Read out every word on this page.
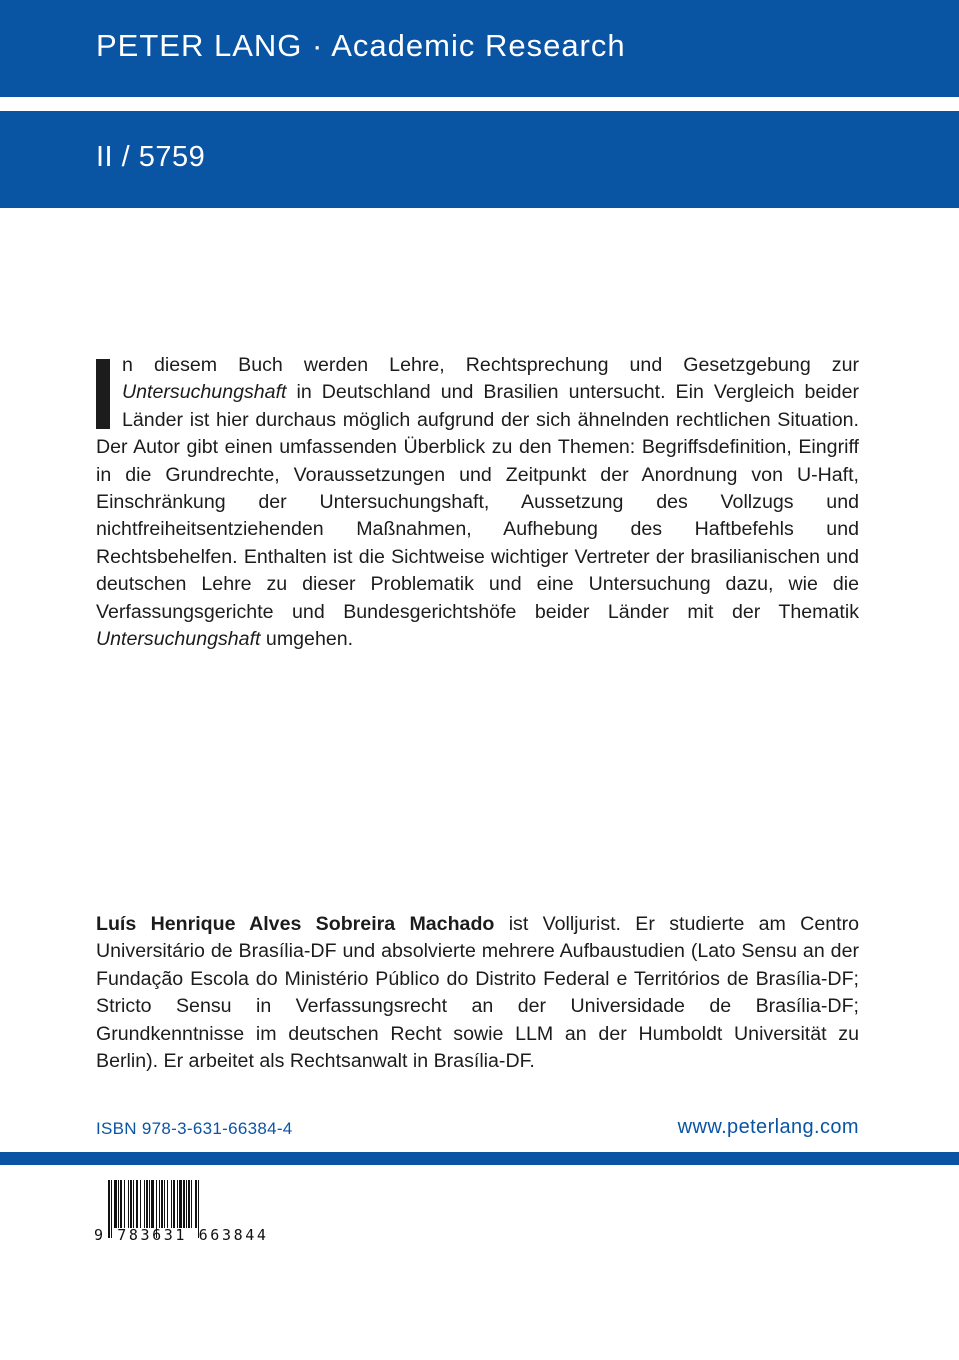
PETER LANG · Academic Research
II / 5759
n diesem Buch werden Lehre, Rechtsprechung und Gesetzgebung zur Untersuchungshaft in Deutschland und Brasilien untersucht. Ein Vergleich beider Länder ist hier durchaus möglich aufgrund der sich ähnelnden rechtlichen Situation. Der Autor gibt einen umfassenden Überblick zu den Themen: Begriffsdefinition, Eingriff in die Grundrechte, Voraussetzungen und Zeitpunkt der Anordnung von U-Haft, Einschränkung der Untersuchungshaft, Aussetzung des Vollzugs und nichtfreiheitsentziehenden Maßnahmen, Aufhebung des Haftbefehls und Rechtsbehelfen. Enthalten ist die Sichtweise wichtiger Vertreter der brasilianischen und deutschen Lehre zu dieser Problematik und eine Untersuchung dazu, wie die Verfassungsgerichte und Bundesgerichtshöfe beider Länder mit der Thematik Untersuchungshaft umgehen.
Luís Henrique Alves Sobreira Machado ist Volljurist. Er studierte am Centro Universitário de Brasília-DF und absolvierte mehrere Aufbaustudien (Lato Sensu an der Fundação Escola do Ministério Público do Distrito Federal e Territórios de Brasília-DF; Stricto Sensu in Verfassungsrecht an der Universidade de Brasília-DF; Grundkenntnisse im deutschen Recht sowie LLM an der Humboldt Universität zu Berlin). Er arbeitet als Rechtsanwalt in Brasília-DF.
ISBN 978-3-631-66384-4	www.peterlang.com
9 783631 663844
